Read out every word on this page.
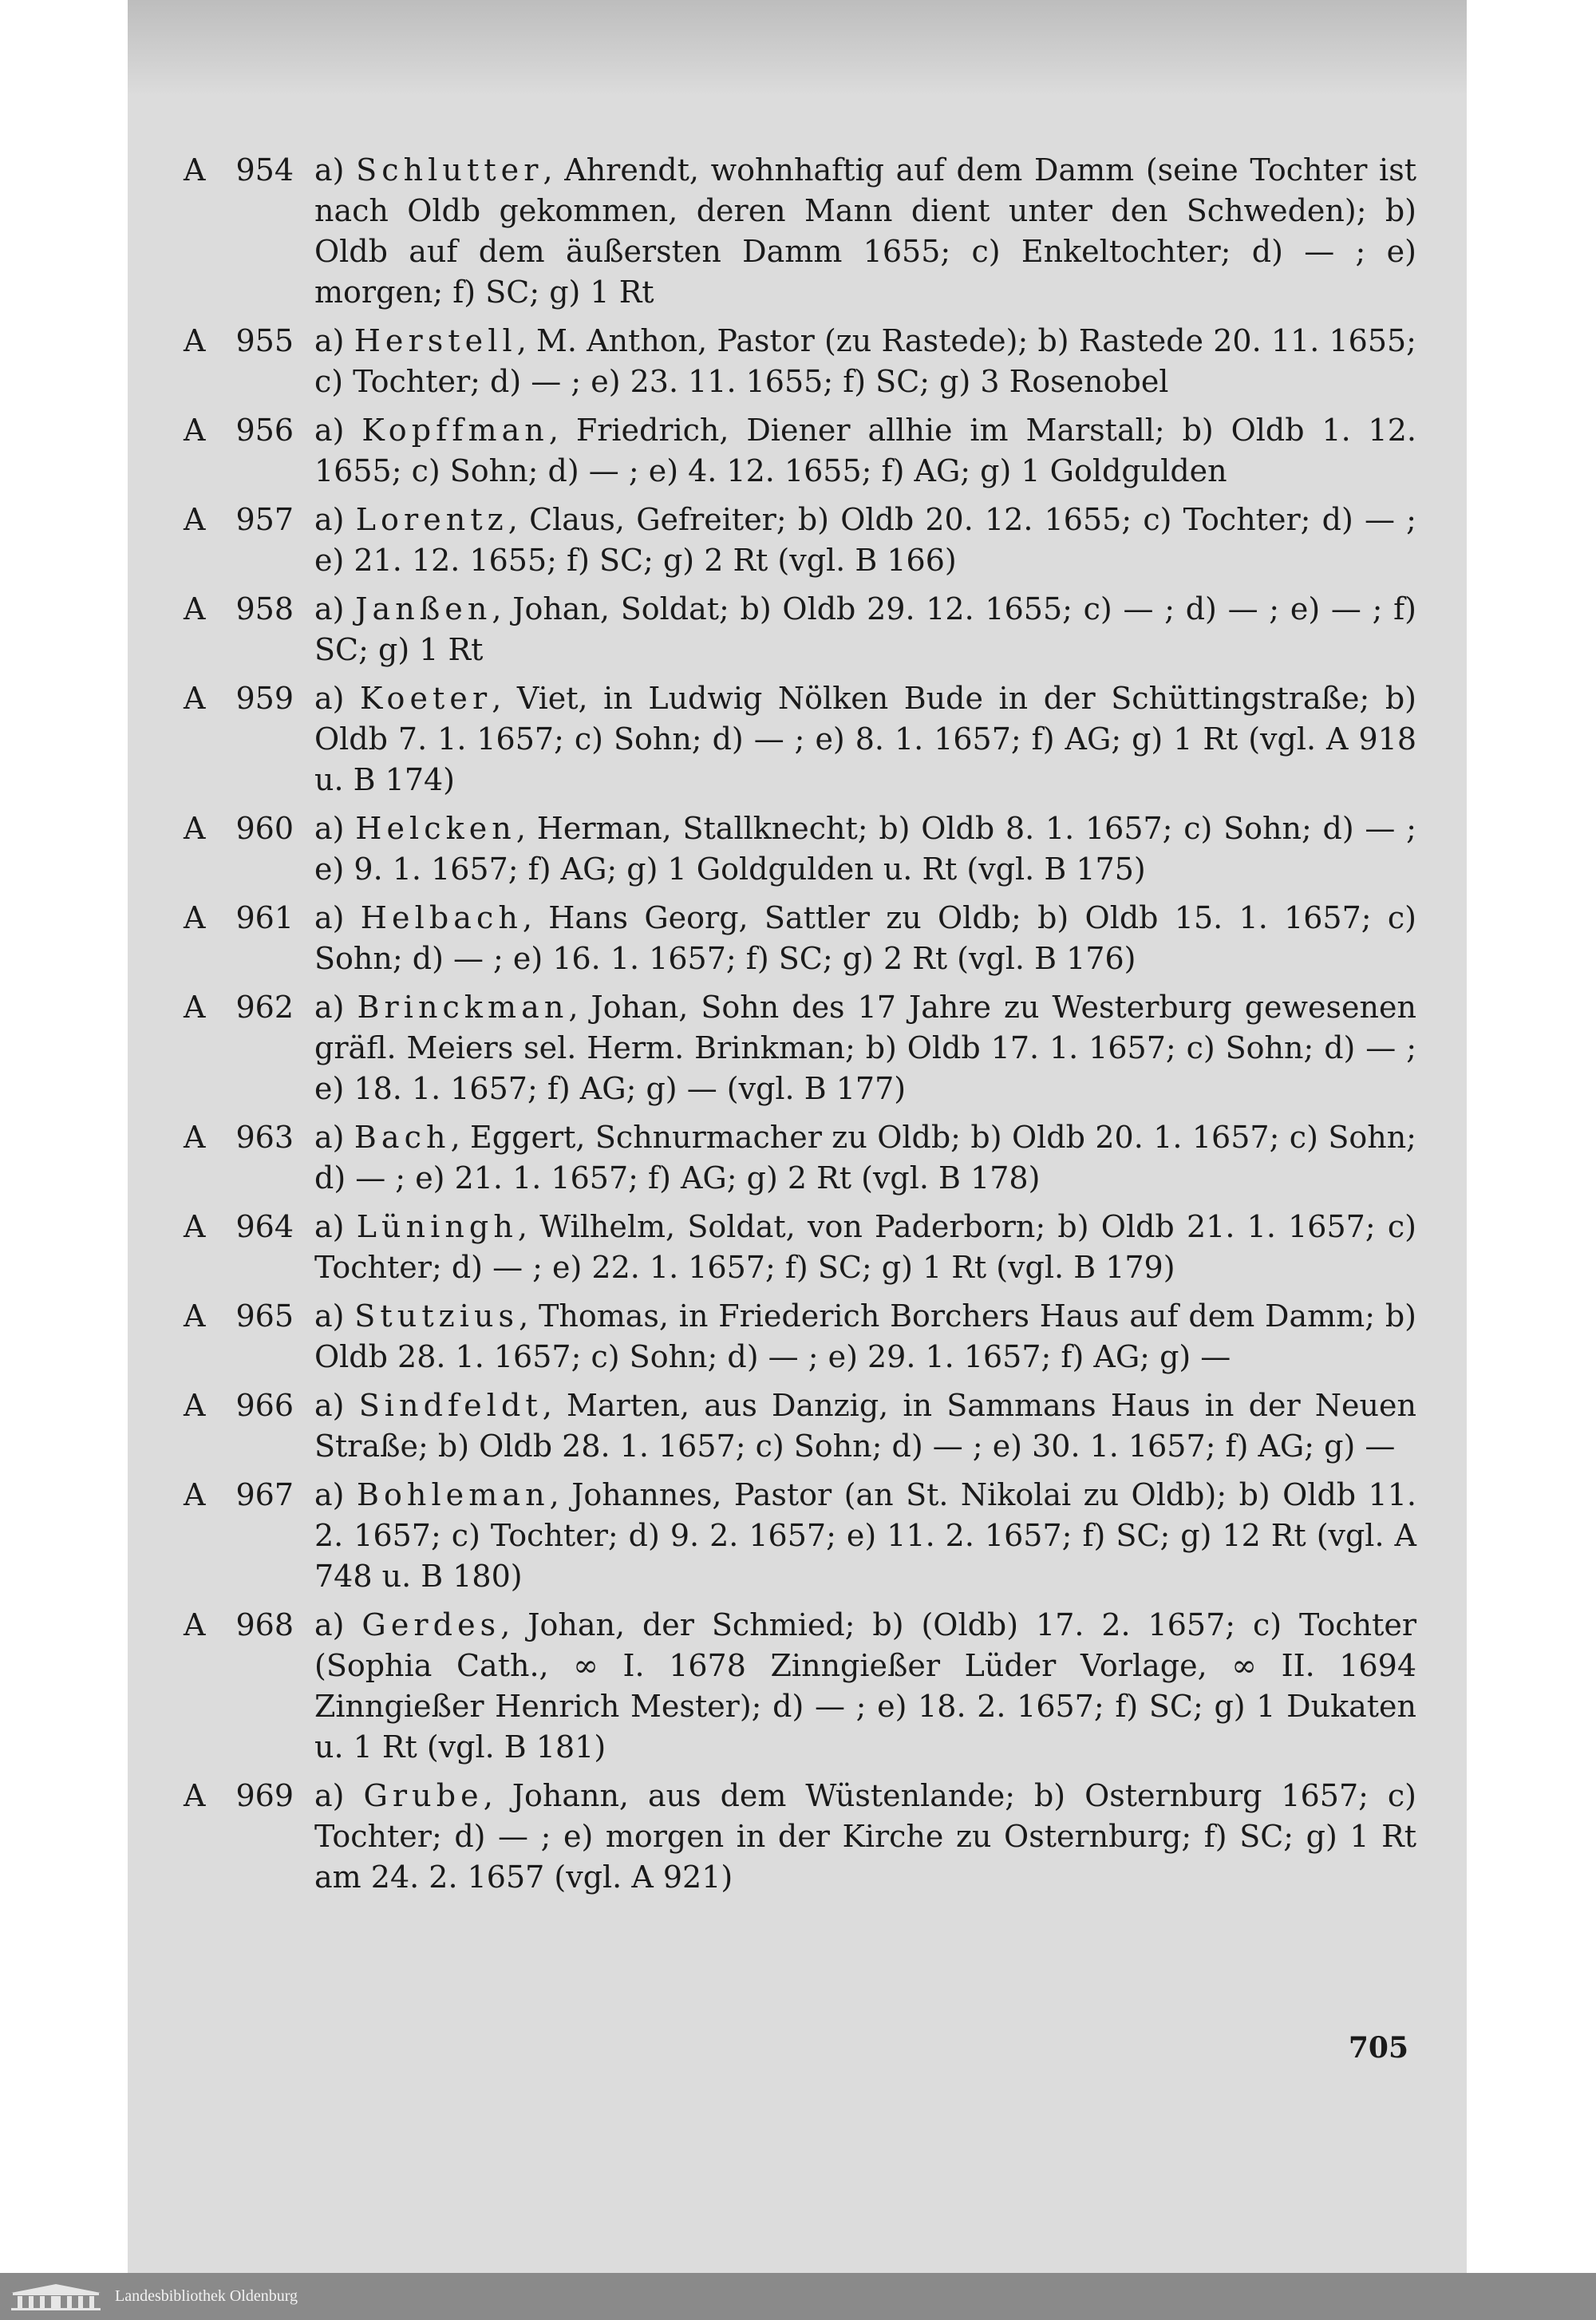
A	954 a) Schlutter, Ahrendt, wohnhaftig auf dem Damm (seine Tochter ist nach Oldb gekommen, deren Mann dient unter den Schweden); b) Oldb auf dem äußersten Damm 1655; c) Enkeltochter; d) — ; e) morgen; f) SC; g) 1 Rt
A	955 a) Herstell, M. Anthon, Pastor (zu Rastede); b) Rastede 20. 11. 1655; c) Tochter; d) — ; e) 23. 11. 1655; f) SC; g) 3 Rosenobel
A	956 a) Kopffman, Friedrich, Diener allhie im Marstall; b) Oldb 1. 12. 1655; c) Sohn; d) — ; e) 4. 12. 1655; f) AG; g) 1 Goldgulden
A	957 a) Lorentz, Claus, Gefreiter; b) Oldb 20. 12. 1655; c) Tochter; d) — ; e) 21. 12. 1655; f) SC; g) 2 Rt (vgl. B 166)
A	958 a) Janßen, Johan, Soldat; b) Oldb 29. 12. 1655; c) — ; d) — ; e) — ; f) SC; g) 1 Rt
A	959 a) Koeter, Viet, in Ludwig Nölken Bude in der Schüttingstraße; b) Oldb 7. 1. 1657; c) Sohn; d) — ; e) 8. 1. 1657; f) AG; g) 1 Rt (vgl. A 918 u. B 174)
A	960 a) Helcken, Herman, Stallknecht; b) Oldb 8. 1. 1657; c) Sohn; d) — ; e) 9. 1. 1657; f) AG; g) 1 Goldgulden u. Rt (vgl. B 175)
A	961 a) Helbach, Hans Georg, Sattler zu Oldb; b) Oldb 15. 1. 1657; c) Sohn; d) — ; e) 16. 1. 1657; f) SC; g) 2 Rt (vgl. B 176)
A	962 a) Brinckman, Johan, Sohn des 17 Jahre zu Westerburg gewesenen gräfl. Meiers sel. Herm. Brinkman; b) Oldb 17. 1. 1657; c) Sohn; d) — ; e) 18. 1. 1657; f) AG; g) — (vgl. B 177)
A	963 a) Bach, Eggert, Schnurmacher zu Oldb; b) Oldb 20. 1. 1657; c) Sohn; d) — ; e) 21. 1. 1657; f) AG; g) 2 Rt (vgl. B 178)
A	964 a) Lüningh, Wilhelm, Soldat, von Paderborn; b) Oldb 21. 1. 1657; c) Tochter; d) — ; e) 22. 1. 1657; f) SC; g) 1 Rt (vgl. B 179)
A	965 a) Stutzius, Thomas, in Friederich Borchers Haus auf dem Damm; b) Oldb 28. 1. 1657; c) Sohn; d) — ; e) 29. 1. 1657; f) AG; g) —
A	966 a) Sindfeldt, Marten, aus Danzig, in Sammans Haus in der Neuen Straße; b) Oldb 28. 1. 1657; c) Sohn; d) — ; e) 30. 1. 1657; f) AG; g) —
A	967 a) Bohleman, Johannes, Pastor (an St. Nikolai zu Oldb); b) Oldb 11. 2. 1657; c) Tochter; d) 9. 2. 1657; e) 11. 2. 1657; f) SC; g) 12 Rt (vgl. A 748 u. B 180)
A	968 a) Gerdes, Johan, der Schmied; b) (Oldb) 17. 2. 1657; c) Tochter (Sophia Cath., ∞ I. 1678 Zinngießer Lüder Vorlage, ∞ II. 1694 Zinngießer Henrich Mester); d) — ; e) 18. 2. 1657; f) SC; g) 1 Dukaten u. 1 Rt (vgl. B 181)
A	969 a) Grube, Johann, aus dem Wüstenlande; b) Osternburg 1657; c) Tochter; d) — ; e) morgen in der Kirche zu Osternburg; f) SC; g) 1 Rt am 24. 2. 1657 (vgl. A 921)
705
Landesbibliothek Oldenburg
